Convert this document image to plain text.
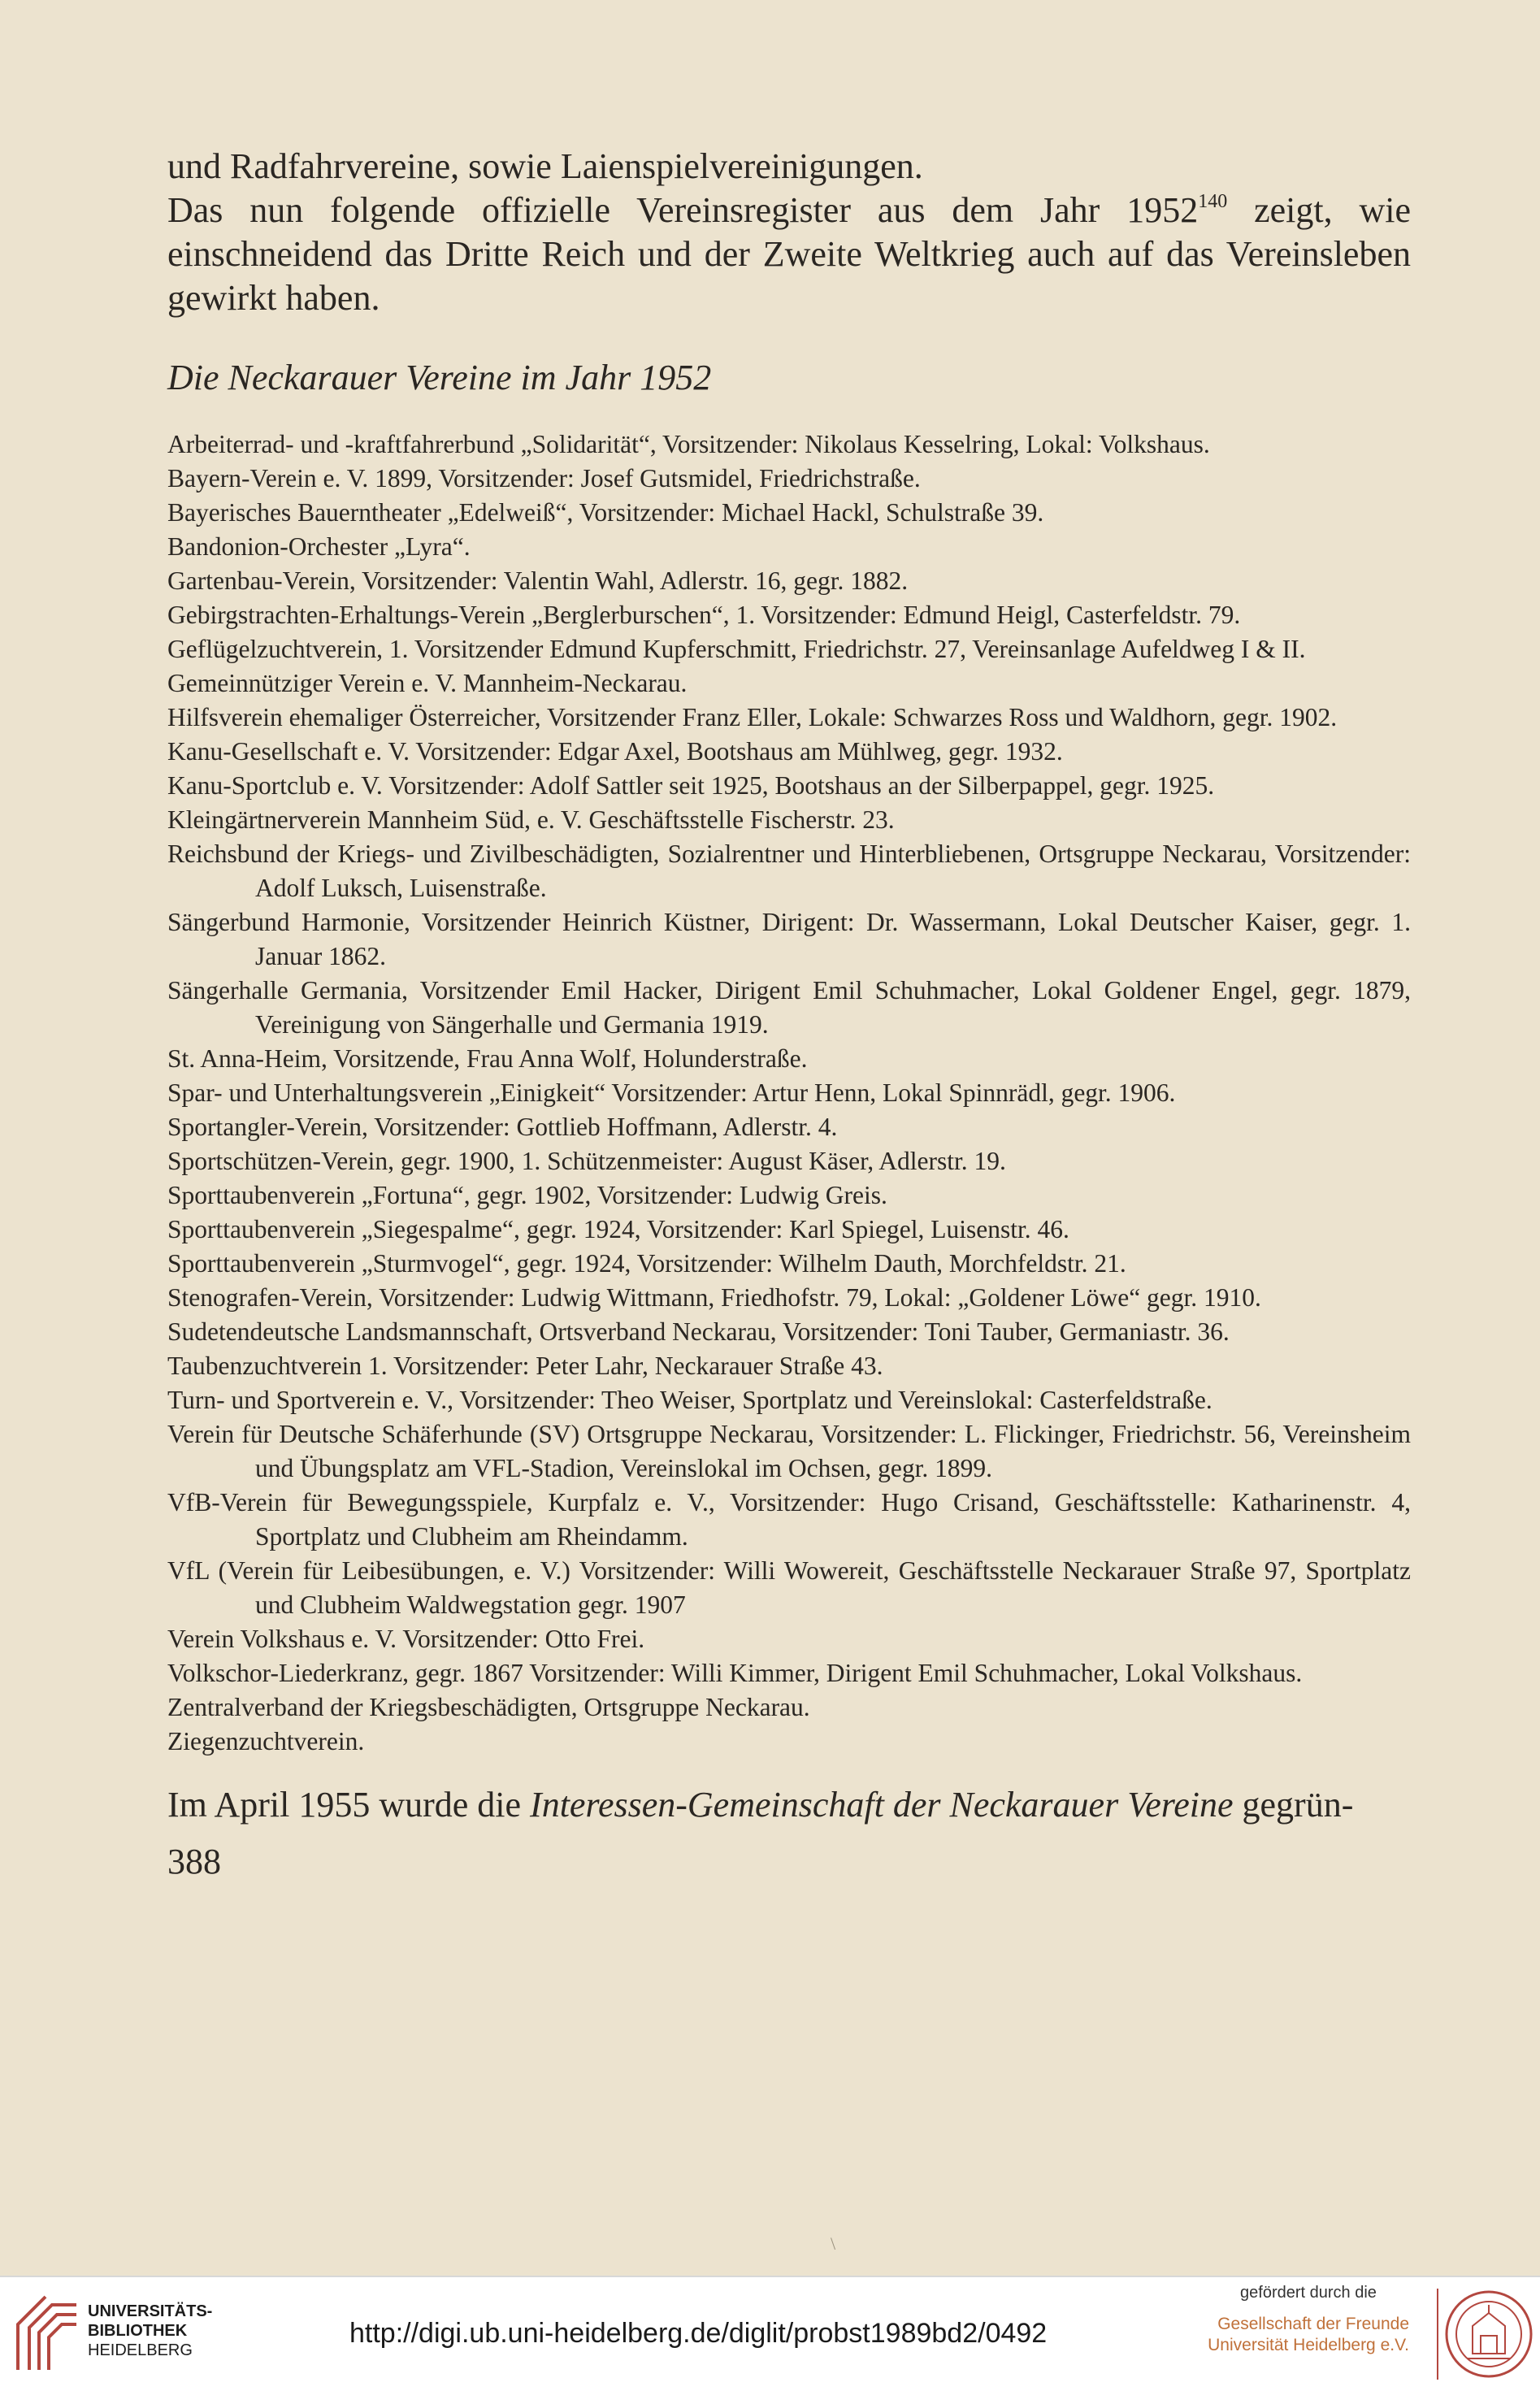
und Radfahrvereine, sowie Laienspielvereinigungen.

Das nun folgende offizielle Vereinsregister aus dem Jahr 1952$^{140}$ zeigt, wie einschneidend das Dritte Reich und der Zweite Weltkrieg auch auf das Vereinsleben gewirkt haben.

Die Neckarauer Vereine im Jahr 1952
Arbeiterrad- und -kraftfahrerbund „Solidarität“, Vorsitzender: Nikolaus Kesselring, Lokal: Volkshaus.
Bayern-Verein e. V. 1899, Vorsitzender: Josef Gutsmidel, Friedrichstraße.
Bayerisches Bauerntheater „Edelweiß“, Vorsitzender: Michael Hackl, Schulstraße 39.
Bandonion-Orchester „Lyra“.
Gartenbau-Verein, Vorsitzender: Valentin Wahl, Adlerstr. 16, gegr. 1882.
Gebirgstrachten-Erhaltungs-Verein „Berglerburschen“, 1. Vorsitzender: Edmund Heigl, Casterfeldstr. 79.
Geflügelzuchtverein, 1. Vorsitzender Edmund Kupferschmitt, Friedrichstr. 27, Vereinsanlage Aufeldweg I & II.
Gemeinnütziger Verein e. V. Mannheim-Neckarau.
Hilfsverein ehemaliger Österreicher, Vorsitzender Franz Eller, Lokale: Schwarzes Ross und Waldhorn, gegr. 1902.
Kanu-Gesellschaft e. V. Vorsitzender: Edgar Axel, Bootshaus am Mühlweg, gegr. 1932.
Kanu-Sportclub e. V. Vorsitzender: Adolf Sattler seit 1925, Bootshaus an der Silberpappel, gegr. 1925.
Kleingärtnerverein Mannheim Süd, e. V. Geschäftsstelle Fischerstr. 23.
Reichsbund der Kriegs- und Zivilbeschädigten, Sozialrentner und Hinterbliebenen, Ortsgruppe Neckarau, Vorsitzender: Adolf Luksch, Luisenstraße.
Sängerbund Harmonie, Vorsitzender Heinrich Küstner, Dirigent: Dr. Wassermann, Lokal Deutscher Kaiser, gegr. 1. Januar 1862.
Sängerhalle Germania, Vorsitzender Emil Hacker, Dirigent Emil Schuhmacher, Lokal Goldener Engel, gegr. 1879, Vereinigung von Sängerhalle und Germania 1919.
St. Anna-Heim, Vorsitzende, Frau Anna Wolf, Holunderstraße.
Spar- und Unterhaltungsverein „Einigkeit“ Vorsitzender: Artur Henn, Lokal Spinnrädl, gegr. 1906.
Sportangler-Verein, Vorsitzender: Gottlieb Hoffmann, Adlerstr. 4.
Sportschützen-Verein, gegr. 1900, 1. Schützenmeister: August Käser, Adlerstr. 19.
Sporttaubenverein „Fortuna“, gegr. 1902, Vorsitzender: Ludwig Greis.
Sporttaubenverein „Siegespalme“, gegr. 1924, Vorsitzender: Karl Spiegel, Luisenstr. 46.
Sporttaubenverein „Sturmvogel“, gegr. 1924, Vorsitzender: Wilhelm Dauth, Morchfeldstr. 21.
Stenografen-Verein, Vorsitzender: Ludwig Wittmann, Friedhofstr. 79, Lokal: „Goldener Löwe“ gegr. 1910.
Sudetendeutsche Landsmannschaft, Ortsverband Neckarau, Vorsitzender: Toni Tauber, Germaniastr. 36.
Taubenzuchtverein 1. Vorsitzender: Peter Lahr, Neckarauer Straße 43.
Turn- und Sportverein e. V., Vorsitzender: Theo Weiser, Sportplatz und Vereinslokal: Casterfeldstraße.
Verein für Deutsche Schäferhunde (SV) Ortsgruppe Neckarau, Vorsitzender: L. Flickinger, Friedrichstr. 56, Vereinsheim und Übungsplatz am VFL-Stadion, Vereinslokal im Ochsen, gegr. 1899.
VfB-Verein für Bewegungsspiele, Kurpfalz e. V., Vorsitzender: Hugo Crisand, Geschäftsstelle: Katharinenstr. 4, Sportplatz und Clubheim am Rheindamm.
VfL (Verein für Leibesübungen, e. V.) Vorsitzender: Willi Wowereit, Geschäftsstelle Neckarauer Straße 97, Sportplatz und Clubheim Waldwegstation gegr. 1907
Verein Volkshaus e. V. Vorsitzender: Otto Frei.
Volkschor-Liederkranz, gegr. 1867 Vorsitzender: Willi Kimmer, Dirigent Emil Schuhmacher, Lokal Volkshaus.
Zentralverband der Kriegsbeschädigten, Ortsgruppe Neckarau.
Ziegenzuchtverein.
Im April 1955 wurde die Interessen-Gemeinschaft der Neckarauer Vereine gegrün-
388
\
UNIVERSITÄTS-
BIBLIOTHEK
HEIDELBERG
http://digi.ub.uni-heidelberg.de/diglit/probst1989bd2/0492
gefördert durch die
Gesellschaft der Freunde
Universität Heidelberg e.V.
